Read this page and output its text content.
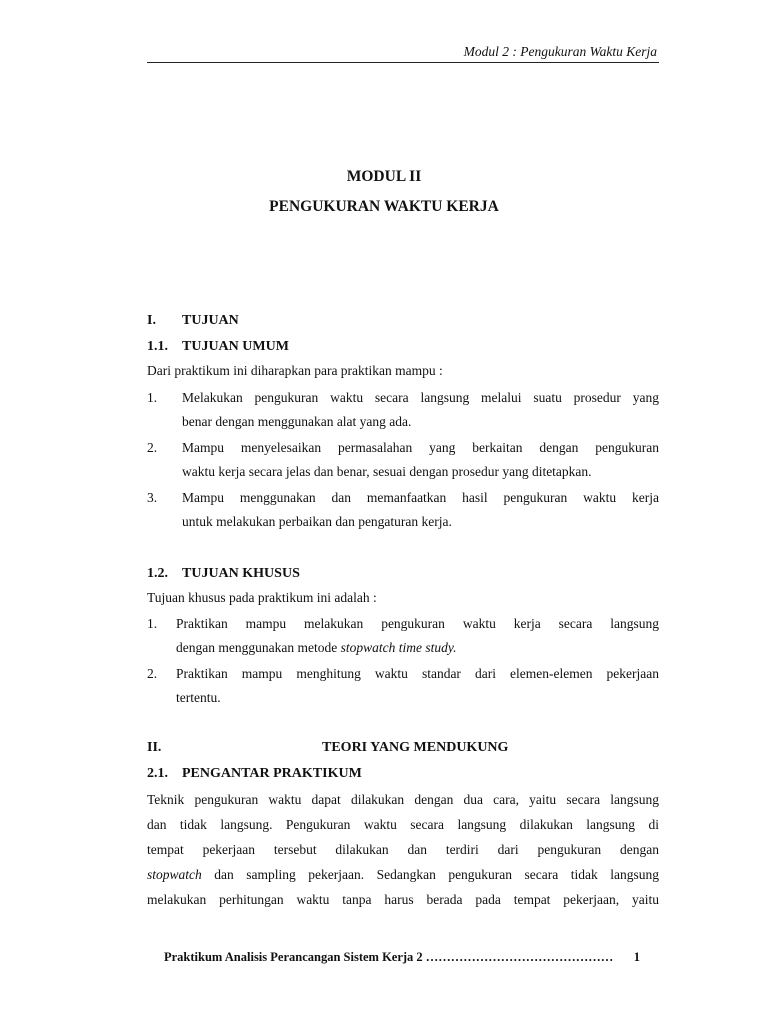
Modul 2 : Pengukuran Waktu Kerja
MODUL II
PENGUKURAN WAKTU KERJA
I. TUJUAN
1.1. TUJUAN UMUM
Dari praktikum ini diharapkan para praktikan mampu :
1. Melakukan pengukuran waktu secara langsung melalui suatu prosedur yang
benar dengan menggunakan alat yang ada.
2. Mampu menyelesaikan permasalahan yang berkaitan dengan pengukuran
waktu kerja secara jelas dan benar, sesuai dengan prosedur yang ditetapkan.
3. Mampu menggunakan dan memanfaatkan hasil pengukuran waktu kerja
untuk melakukan perbaikan dan pengaturan kerja.
1.2. TUJUAN KHUSUS
Tujuan khusus pada praktikum ini adalah :
1. Praktikan mampu melakukan pengukuran waktu kerja secara langsung
dengan menggunakan metode stopwatch time study.
2. Praktikan mampu menghitung waktu standar dari elemen-elemen pekerjaan
tertentu.
II.	TEORI YANG MENDUKUNG
2.1. PENGANTAR PRAKTIKUM
Teknik pengukuran waktu dapat dilakukan dengan dua cara, yaitu secara langsung
dan tidak langsung. Pengukuran waktu secara langsung dilakukan langsung di
tempat pekerjaan tersebut dilakukan dan terdiri dari pengukuran dengan
stopwatch dan sampling pekerjaan. Sedangkan pengukuran secara tidak langsung
melakukan perhitungan waktu tanpa harus berada pada tempat pekerjaan, yaitu
Praktikum Analisis Perancangan Sistem Kerja 2 ……………………………………… 1
